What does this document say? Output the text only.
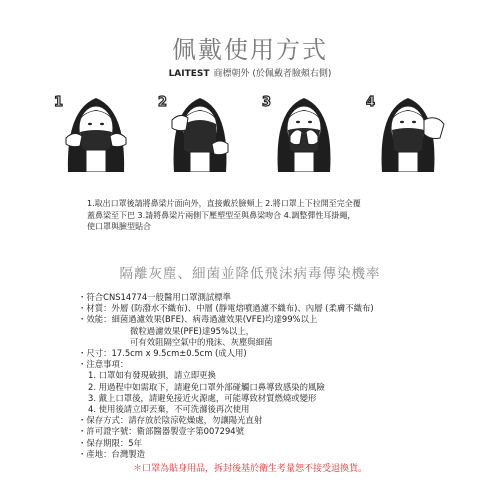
佩戴使用方式
LAITEST 商標朝外 (於佩戴者臉頰右側)
1	2	3	4
1.取出口罩後請將鼻梁片面向外，直接戴於臉頰上 2.將口罩上下拉開至完全覆
蓋鼻梁至下巴 3.請將鼻梁片兩側下壓塑型至與鼻梁吻合 4.調整彈性耳掛繩，
使口罩與臉型貼合
隔離灰塵、細菌並降低飛沫病毒傳染機率
・符合CNS14774一般醫用口罩測試標準
・材質：外層 (防潑水不織布)、中層 (靜電熔噴過濾不織布)、內層 (柔膚不織布)
・效能：細菌過濾效果(BFE)、病毒過濾效果(VFE)均達99%以上
微粒過濾效果(PFE)達95%以上，
可有效阻隔空氣中的飛沫、灰塵與細菌
・尺寸：17.5cm x 9.5cm±0.5cm (成人用)
・注意事項：
1. 口罩如有發現破損，請立即更換
2. 用過程中如需取下，請避免口罩外部碰觸口鼻導致感染的風險
3. 戴上口罩後，請避免接近火源處，可能導致材質燃燒或變形
4. 使用後請立即丟棄，不可洗滌後再次使用
・保存方式：請存放於陰涼乾燥處，勿讓陽光直射
・許可證字號：衛部醫器製壹字第007294號
・保存期限：5年
・產地：台灣製造
＊口罩為貼身用品，拆封後基於衛生考量恕不接受退換貨。
